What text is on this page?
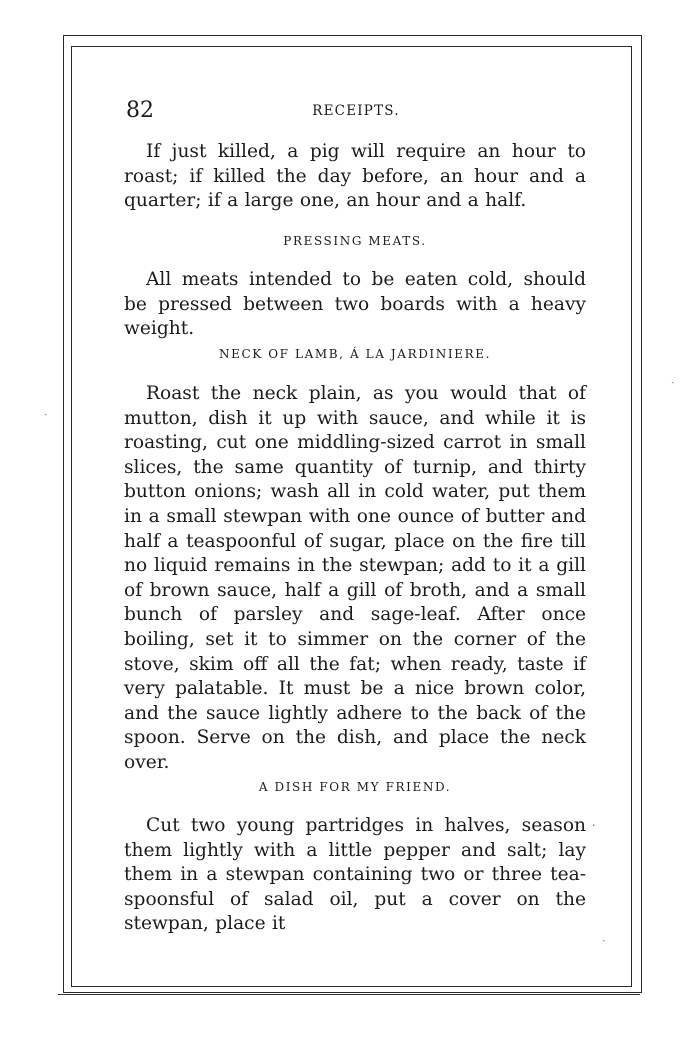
82	RECEIPTS.

If just killed, a pig will require an hour to roast; if killed the day before, an hour and a quarter; if a large one, an hour and a half.

PRESSING MEATS.

All meats intended to be eaten cold, should be pressed between two boards with a heavy weight.

NECK OF LAMB, Á LA JARDINIERE.

Roast the neck plain, as you would that of mutton, dish it up with sauce, and while it is roasting, cut one middling-sized carrot in small slices, the same quantity of turnip, and thirty button onions; wash all in cold water, put them in a small stewpan with one ounce of butter and half a teaspoonful of sugar, place on the fire till no liquid remains in the stewpan; add to it a gill of brown sauce, half a gill of broth, and a small bunch of parsley and sage-leaf. After once boiling, set it to simmer on the corner of the stove, skim off all the fat; when ready, taste if very palatable. It must be a nice brown color, and the sauce lightly adhere to the back of the spoon. Serve on the dish, and place the neck over.

A DISH FOR MY FRIEND.

Cut two young partridges in halves, season them lightly with a little pepper and salt; lay them in a stewpan containing two or three tea-spoonsful of salad oil, put a cover on the stewpan, place it

ˏ
ˎ
·
ˎ
